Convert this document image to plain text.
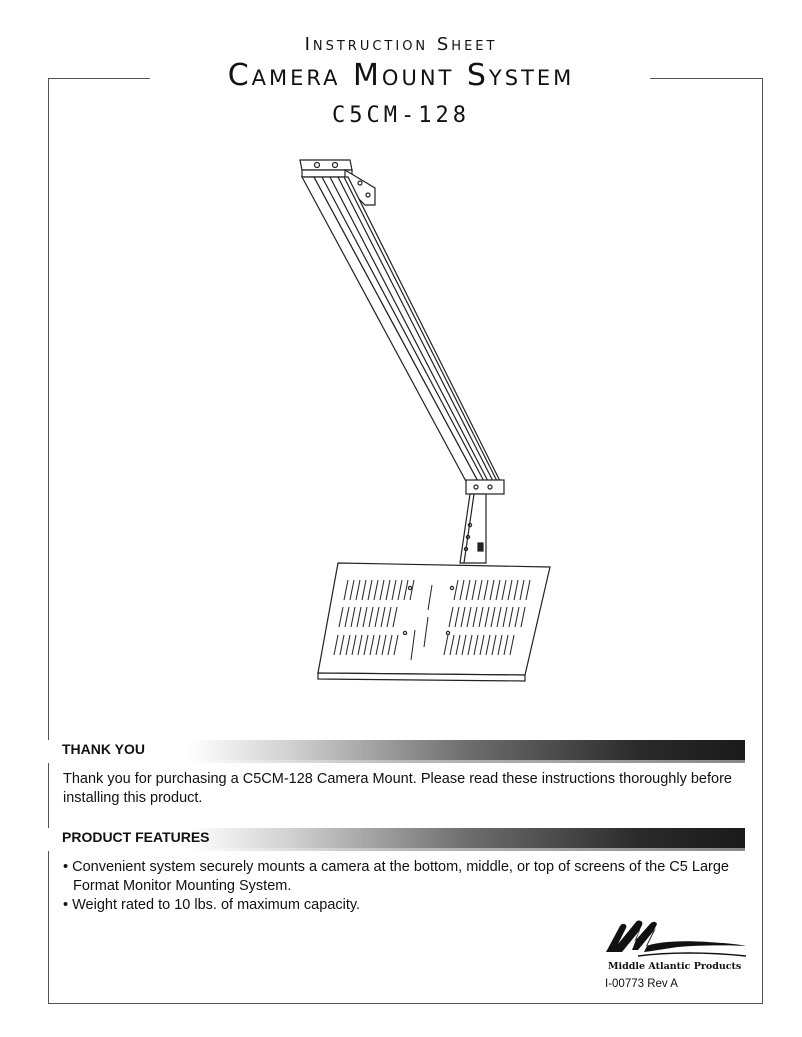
Instruction Sheet
Camera Mount System
C5CM-128
THANK YOU
Thank you for purchasing a C5CM-128 Camera Mount. Please read these instructions thoroughly before installing this product.
PRODUCT FEATURES
• Convenient system securely mounts a camera at the bottom, middle, or top of screens of the C5 Large Format Monitor Mounting System.
• Weight rated to 10 lbs. of maximum capacity.
Middle Atlantic Products
I-00773 Rev A
